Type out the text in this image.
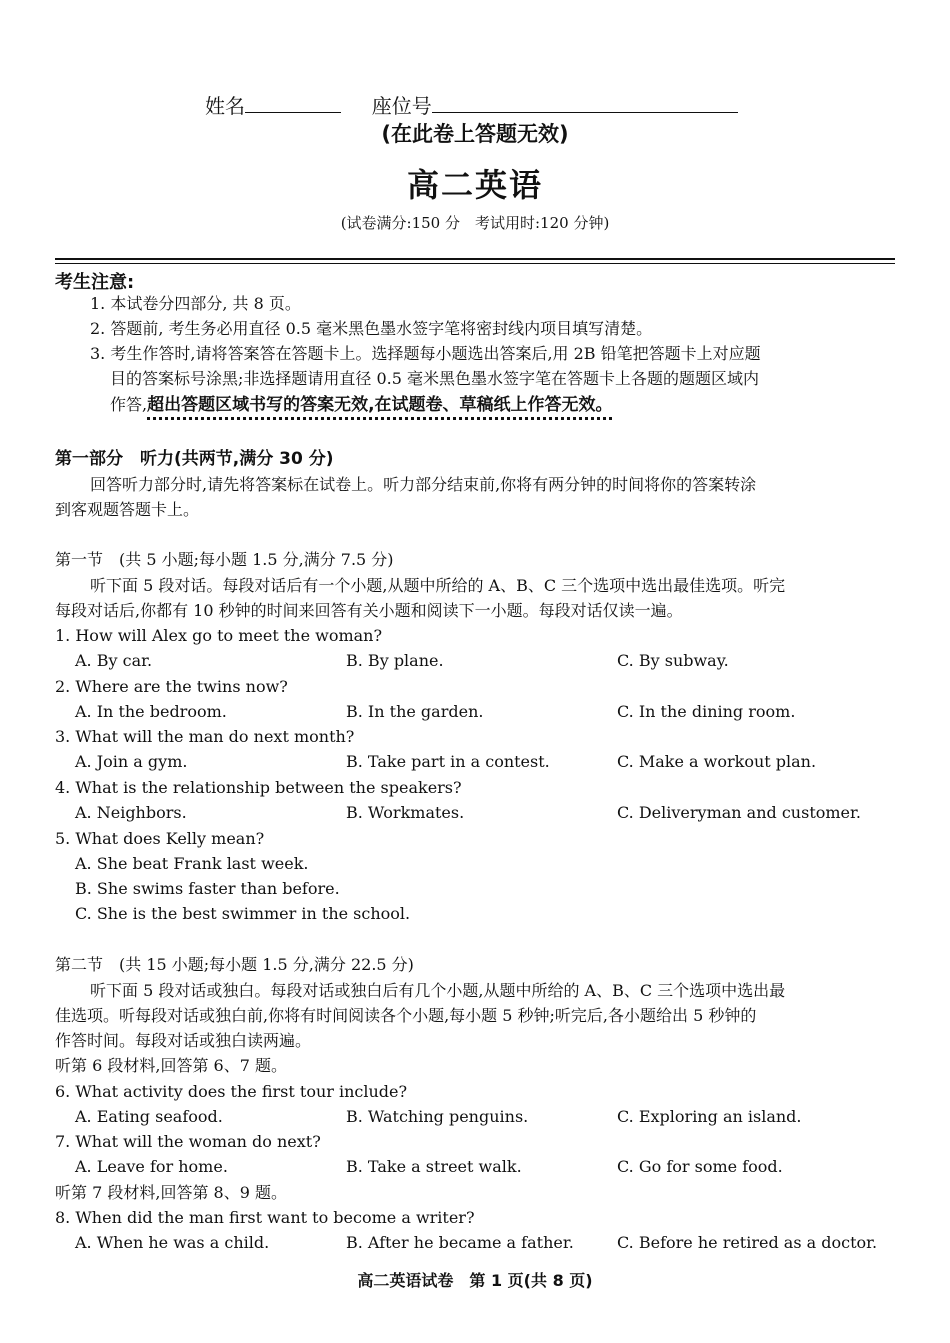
姓名	座位号
(在此卷上答题无效)
高二英语
(试卷满分:150 分　考试用时:120 分钟)
考生注意:
1. 本试卷分四部分, 共 8 页。
2. 答题前, 考生务必用直径 0.5 毫米黑色墨水签字笔将密封线内项目填写清楚。
3. 考生作答时,请将答案答在答题卡上。选择题每小题选出答案后,用 2B 铅笔把答题卡上对应题
目的答案标号涂黑;非选择题请用直径 0.5 毫米黑色墨水签字笔在答题卡上各题的题题区域内
作答,超出答题区域书写的答案无效,在试题卷、草稿纸上作答无效。
第一部分　听力(共两节,满分 30 分)
回答听力部分时,请先将答案标在试卷上。听力部分结束前,你将有两分钟的时间将你的答案转涂
到客观题答题卡上。
第一节　(共 5 小题;每小题 1.5 分,满分 7.5 分)
听下面 5 段对话。每段对话后有一个小题,从题中所给的 A、B、C 三个选项中选出最佳选项。听完
每段对话后,你都有 10 秒钟的时间来回答有关小题和阅读下一小题。每段对话仅读一遍。
1. How will Alex go to meet the woman?
A. By car.	B. By plane.	C. By subway.
2. Where are the twins now?
A. In the bedroom.	B. In the garden.	C. In the dining room.
3. What will the man do next month?
A. Join a gym.	B. Take part in a contest.	C. Make a workout plan.
4. What is the relationship between the speakers?
A. Neighbors.	B. Workmates.	C. Deliveryman and customer.
5. What does Kelly mean?
A. She beat Frank last week.
B. She swims faster than before.
C. She is the best swimmer in the school.
第二节　(共 15 小题;每小题 1.5 分,满分 22.5 分)
听下面 5 段对话或独白。每段对话或独白后有几个小题,从题中所给的 A、B、C 三个选项中选出最
佳选项。听每段对话或独白前,你将有时间阅读各个小题,每小题 5 秒钟;听完后,各小题给出 5 秒钟的
作答时间。每段对话或独白读两遍。
听第 6 段材料,回答第 6、7 题。
6. What activity does the first tour include?
A. Eating seafood.	B. Watching penguins.	C. Exploring an island.
7. What will the woman do next?
A. Leave for home.	B. Take a street walk.	C. Go for some food.
听第 7 段材料,回答第 8、9 题。
8. When did the man first want to become a writer?
A. When he was a child.	B. After he became a father.	C. Before he retired as a doctor.
高二英语试卷　第 1 页(共 8 页)
